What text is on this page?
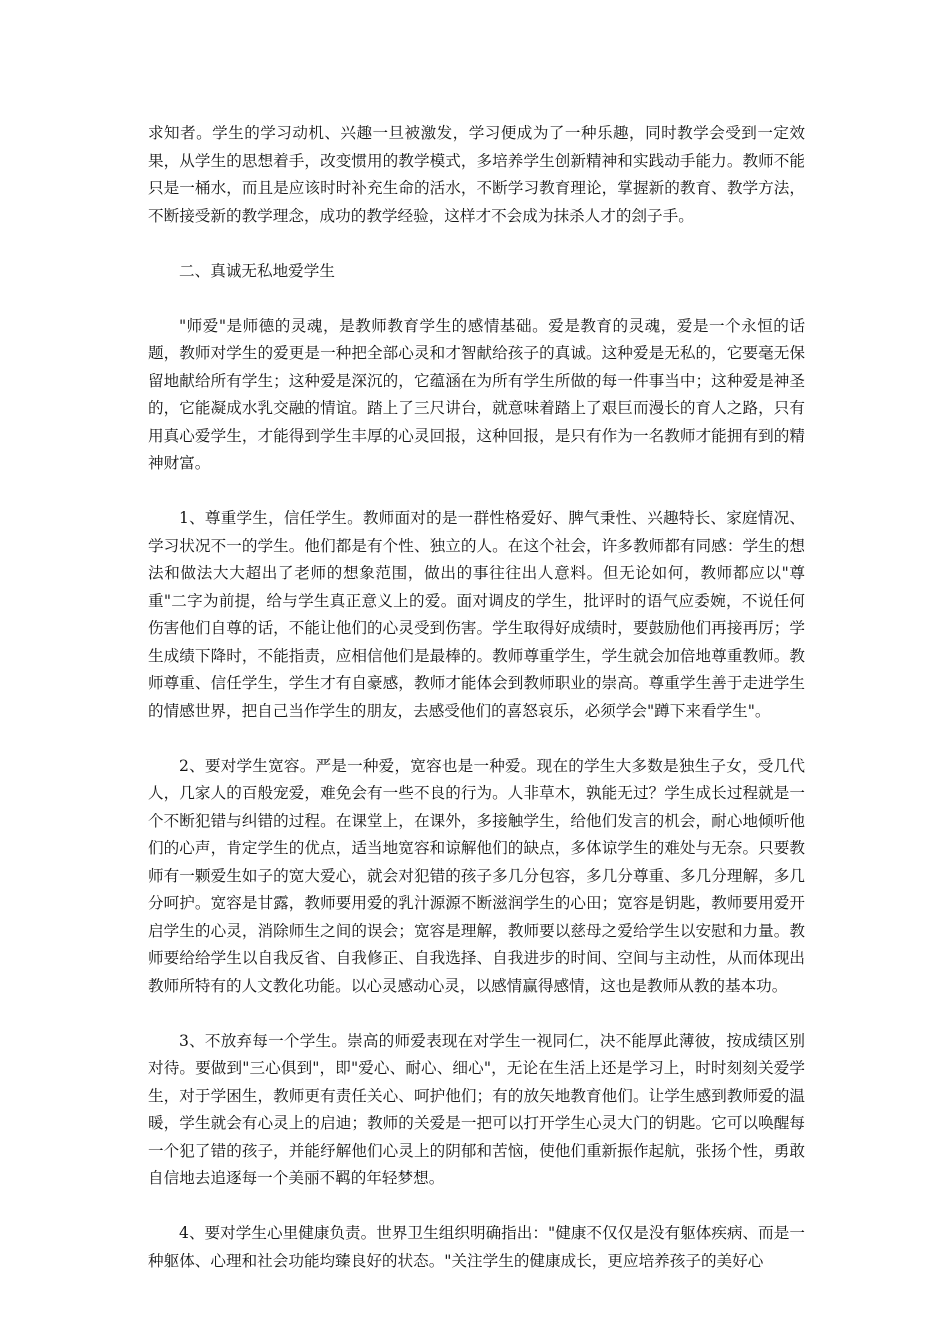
求知者。学生的学习动机、兴趣一旦被激发，学习便成为了一种乐趣，同时教学会受到一定效果，从学生的思想着手，改变惯用的教学模式，多培养学生创新精神和实践动手能力。教师不能只是一桶水，而且是应该时时补充生命的活水，不断学习教育理论，掌握新的教育、教学方法，不断接受新的教学理念，成功的教学经验，这样才不会成为抹杀人才的刽子手。

二、真诚无私地爱学生

"师爱"是师德的灵魂，是教师教育学生的感情基础。爱是教育的灵魂，爱是一个永恒的话题，教师对学生的爱更是一种把全部心灵和才智献给孩子的真诚。这种爱是无私的，它要毫无保留地献给所有学生；这种爱是深沉的，它蕴涵在为所有学生所做的每一件事当中；这种爱是神圣的，它能凝成水乳交融的情谊。踏上了三尺讲台，就意味着踏上了艰巨而漫长的育人之路，只有用真心爱学生，才能得到学生丰厚的心灵回报，这种回报，是只有作为一名教师才能拥有到的精神财富。

1、尊重学生，信任学生。教师面对的是一群性格爱好、脾气秉性、兴趣特长、家庭情况、学习状况不一的学生。他们都是有个性、独立的人。在这个社会，许多教师都有同感：学生的想法和做法大大超出了老师的想象范围，做出的事往往出人意料。但无论如何，教师都应以"尊重"二字为前提，给与学生真正意义上的爱。面对调皮的学生，批评时的语气应委婉，不说任何伤害他们自尊的话，不能让他们的心灵受到伤害。学生取得好成绩时，要鼓励他们再接再厉；学生成绩下降时，不能指责，应相信他们是最棒的。教师尊重学生，学生就会加倍地尊重教师。教师尊重、信任学生，学生才有自豪感，教师才能体会到教师职业的崇高。尊重学生善于走进学生的情感世界，把自己当作学生的朋友，去感受他们的喜怒哀乐，必须学会"蹲下来看学生"。

2、要对学生宽容。严是一种爱，宽容也是一种爱。现在的学生大多数是独生子女，受几代人，几家人的百般宠爱，难免会有一些不良的行为。人非草木，孰能无过？学生成长过程就是一个不断犯错与纠错的过程。在课堂上，在课外，多接触学生，给他们发言的机会，耐心地倾听他们的心声，肯定学生的优点，适当地宽容和谅解他们的缺点，多体谅学生的难处与无奈。只要教师有一颗爱生如子的宽大爱心，就会对犯错的孩子多几分包容，多几分尊重、多几分理解，多几分呵护。宽容是甘露，教师要用爱的乳汁源源不断滋润学生的心田；宽容是钥匙，教师要用爱开启学生的心灵，消除师生之间的误会；宽容是理解，教师要以慈母之爱给学生以安慰和力量。教师要给给学生以自我反省、自我修正、自我选择、自我进步的时间、空间与主动性，从而体现出教师所特有的人文教化功能。以心灵感动心灵，以感情赢得感情，这也是教师从教的基本功。

3、不放弃每一个学生。崇高的师爱表现在对学生一视同仁，决不能厚此薄彼，按成绩区别对待。要做到"三心俱到"，即"爱心、耐心、细心"，无论在生活上还是学习上，时时刻刻关爱学生，对于学困生，教师更有责任关心、呵护他们；有的放矢地教育他们。让学生感到教师爱的温暖，学生就会有心灵上的启迪；教师的关爱是一把可以打开学生心灵大门的钥匙。它可以唤醒每一个犯了错的孩子，并能纾解他们心灵上的阴郁和苦恼，使他们重新振作起航，张扬个性，勇敢自信地去追逐每一个美丽不羁的年轻梦想。

4、要对学生心里健康负责。世界卫生组织明确指出："健康不仅仅是没有躯体疾病、而是一种躯体、心理和社会功能均臻良好的状态。"关注学生的健康成长，更应培养孩子的美好心
